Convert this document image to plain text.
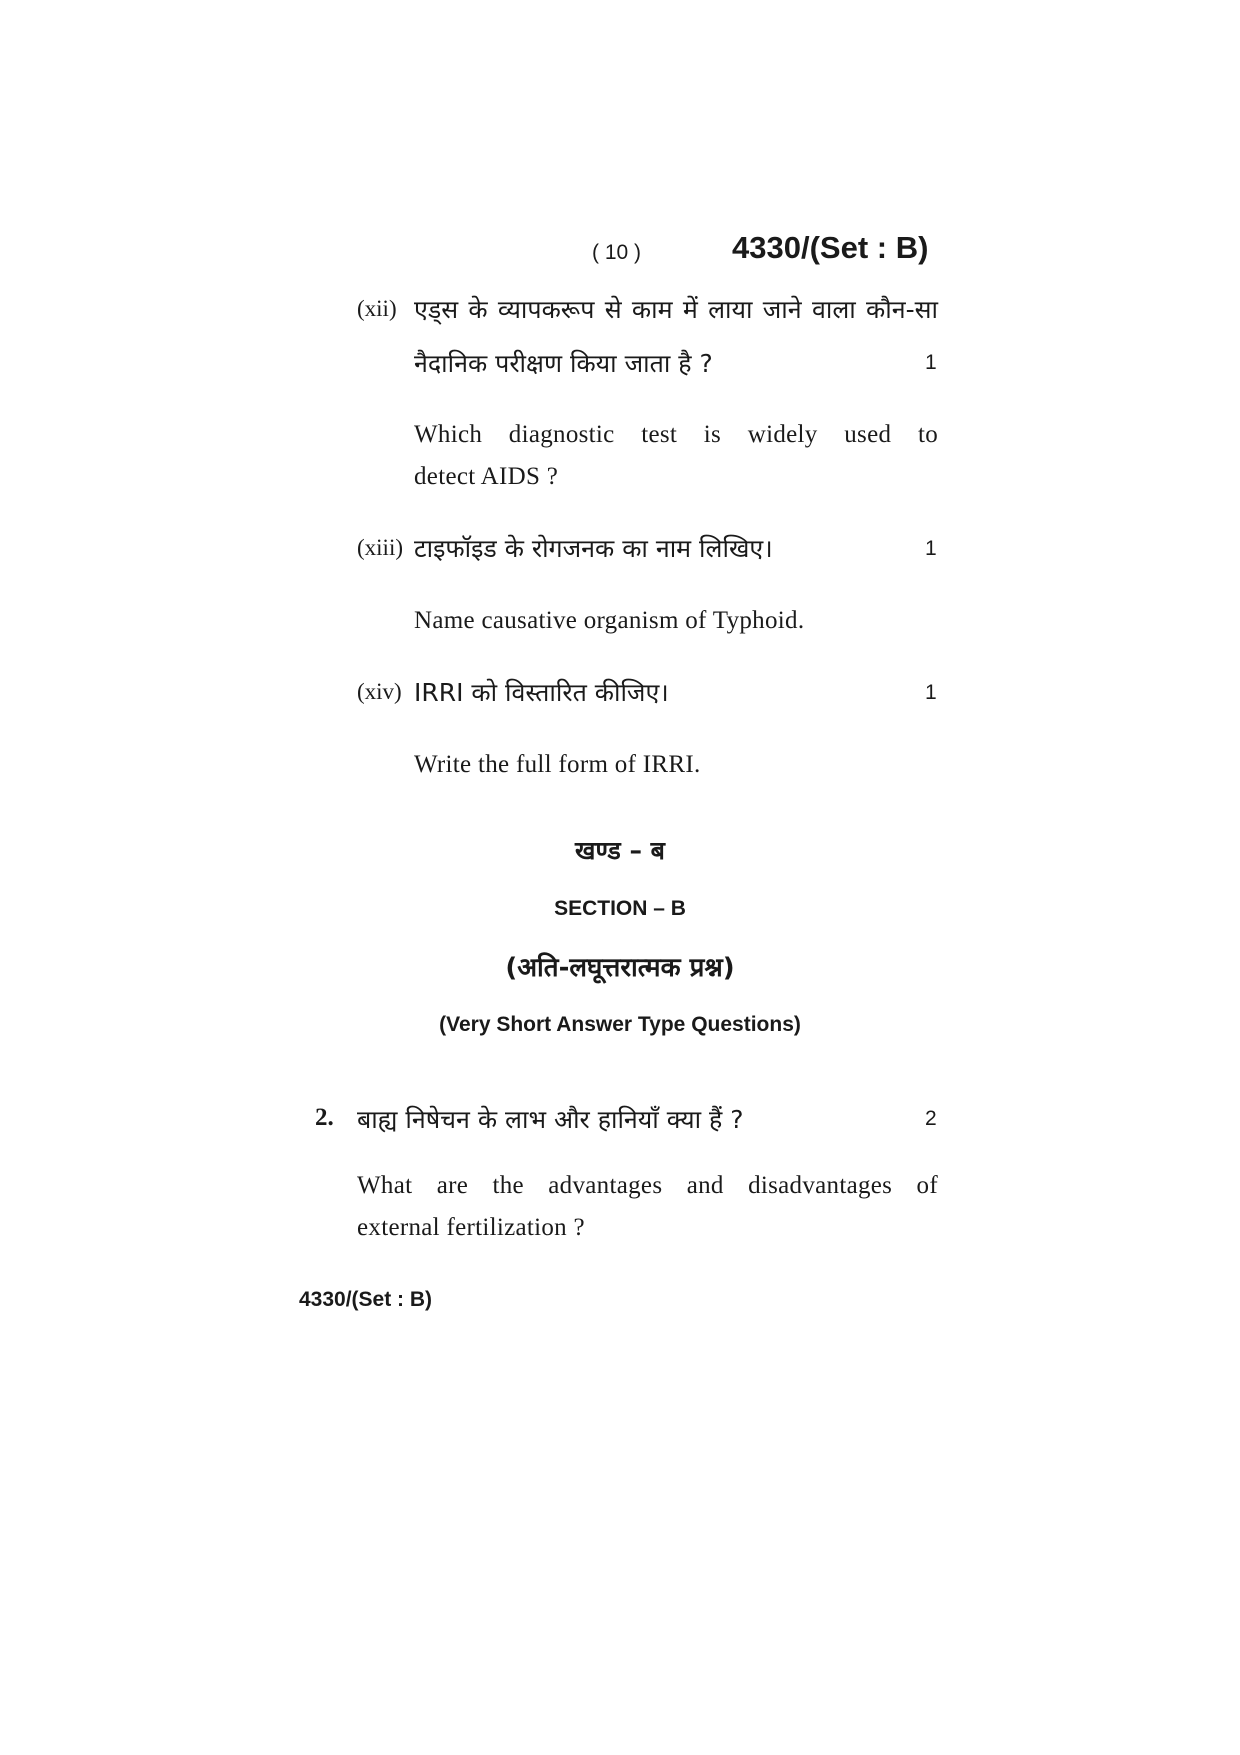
( 10 )	4330/(Set : B)
(xii) एड्स के व्यापकरूप से काम में लाया जाने वाला कौन-सा
नैदानिक परीक्षण किया जाता है ?	1
Which diagnostic test is widely used to
detect AIDS ?
(xiii) टाइफॉइड के रोगजनक का नाम लिखिए।	1
Name causative organism of Typhoid.
(xiv) IRRI को विस्तारित कीजिए।	1
Write the full form of IRRI.
खण्ड – ब
SECTION – B
(अति-लघूत्तरात्मक प्रश्न)
(Very Short Answer Type Questions)
2. बाह्य निषेचन के लाभ और हानियाँ क्या हैं ?	2
What are the advantages and disadvantages of
external fertilization ?
4330/(Set : B)
